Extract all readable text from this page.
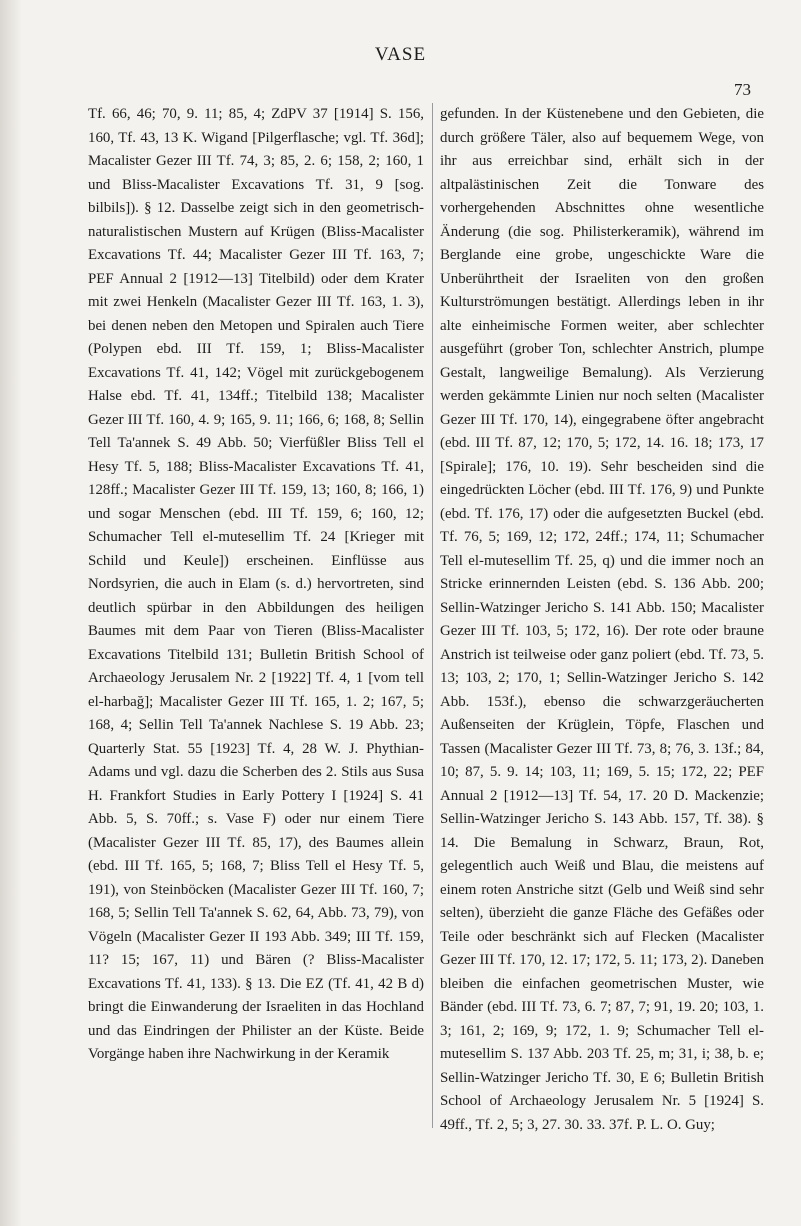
VASE
73

Tf. 66, 46; 70, 9. 11; 85, 4; ZdPV 37 [1914] S. 156, 160, Tf. 43, 13 K. Wigand [Pilgerflasche; vgl. Tf. 36d]; Macalister Gezer III Tf. 74, 3; 85, 2. 6; 158, 2; 160, 1 und Bliss-Macalister Excavations Tf. 31, 9 [sog. bilbils]). § 12. Dasselbe zeigt sich in den geometrisch-naturalistischen Mustern auf Krügen (Bliss-Macalister Excavations Tf. 44; Macalister Gezer III Tf. 163, 7; PEF Annual 2 [1912—13] Titelbild) oder dem Krater mit zwei Henkeln (Macalister Gezer III Tf. 163, 1. 3), bei denen neben den Metopen und Spiralen auch Tiere (Polypen ebd. III Tf. 159, 1; Bliss-Macalister Excavations Tf. 41, 142; Vögel mit zurückgebogenem Halse ebd. Tf. 41, 134ff.; Titelbild 138; Macalister Gezer III Tf. 160, 4. 9; 165, 9. 11; 166, 6; 168, 8; Sellin Tell Ta'annek S. 49 Abb. 50; Vierfüßler Bliss Tell el Hesy Tf. 5, 188; Bliss-Macalister Excavations Tf. 41, 128ff.; Macalister Gezer III Tf. 159, 13; 160, 8; 166, 1) und sogar Menschen (ebd. III Tf. 159, 6; 160, 12; Schumacher Tell el-mutesellim Tf. 24 [Krieger mit Schild und Keule]) erscheinen. Einflüsse aus Nordsyrien, die auch in Elam (s. d.) hervortreten, sind deutlich spürbar in den Abbildungen des heiligen Baumes mit dem Paar von Tieren (Bliss-Macalister Excavations Titelbild 131; Bulletin British School of Archaeology Jerusalem Nr. 2 [1922] Tf. 4, 1 [vom tell el-harbağ]; Macalister Gezer III Tf. 165, 1. 2; 167, 5; 168, 4; Sellin Tell Ta'annek Nachlese S. 19 Abb. 23; Quarterly Stat. 55 [1923] Tf. 4, 28 W. J. Phythian-Adams und vgl. dazu die Scherben des 2. Stils aus Susa H. Frankfort Studies in Early Pottery I [1924] S. 41 Abb. 5, S. 70ff.; s. Vase F) oder nur einem Tiere (Macalister Gezer III Tf. 85, 17), des Baumes allein (ebd. III Tf. 165, 5; 168, 7; Bliss Tell el Hesy Tf. 5, 191), von Steinböcken (Macalister Gezer III Tf. 160, 7; 168, 5; Sellin Tell Ta'annek S. 62, 64, Abb. 73, 79), von Vögeln (Macalister Gezer II 193 Abb. 349; III Tf. 159, 11? 15; 167, 11) und Bären (? Bliss-Macalister Excavations Tf. 41, 133). § 13. Die EZ (Tf. 41, 42 B d) bringt die Einwanderung der Israeliten in das Hochland und das Eindringen der Philister an der Küste. Beide Vorgänge haben ihre Nachwirkung in der Keramik

gefunden. In der Küstenebene und den Gebieten, die durch größere Täler, also auf bequemem Wege, von ihr aus erreichbar sind, erhält sich in der altpalästinischen Zeit die Tonware des vorhergehenden Abschnittes ohne wesentliche Änderung (die sog. Philisterkeramik), während im Berglande eine grobe, ungeschickte Ware die Unberührtheit der Israeliten von den großen Kulturströmungen bestätigt. Allerdings leben in ihr alte einheimische Formen weiter, aber schlechter ausgeführt (grober Ton, schlechter Anstrich, plumpe Gestalt, langweilige Bemalung). Als Verzierung werden gekämmte Linien nur noch selten (Macalister Gezer III Tf. 170, 14), eingegrabene öfter angebracht (ebd. III Tf. 87, 12; 170, 5; 172, 14. 16. 18; 173, 17 [Spirale]; 176, 10. 19). Sehr bescheiden sind die eingedrückten Löcher (ebd. III Tf. 176, 9) und Punkte (ebd. Tf. 176, 17) oder die aufgesetzten Buckel (ebd. Tf. 76, 5; 169, 12; 172, 24ff.; 174, 11; Schumacher Tell el-mutesellim Tf. 25, q) und die immer noch an Stricke erinnernden Leisten (ebd. S. 136 Abb. 200; Sellin-Watzinger Jericho S. 141 Abb. 150; Macalister Gezer III Tf. 103, 5; 172, 16). Der rote oder braune Anstrich ist teilweise oder ganz poliert (ebd. Tf. 73, 5. 13; 103, 2; 170, 1; Sellin-Watzinger Jericho S. 142 Abb. 153f.), ebenso die schwarzgeräucherten Außenseiten der Krüglein, Töpfe, Flaschen und Tassen (Macalister Gezer III Tf. 73, 8; 76, 3. 13f.; 84, 10; 87, 5. 9. 14; 103, 11; 169, 5. 15; 172, 22; PEF Annual 2 [1912—13] Tf. 54, 17. 20 D. Mackenzie; Sellin-Watzinger Jericho S. 143 Abb. 157, Tf. 38). § 14. Die Bemalung in Schwarz, Braun, Rot, gelegentlich auch Weiß und Blau, die meistens auf einem roten Anstriche sitzt (Gelb und Weiß sind sehr selten), überzieht die ganze Fläche des Gefäßes oder Teile oder beschränkt sich auf Flecken (Macalister Gezer III Tf. 170, 12. 17; 172, 5. 11; 173, 2). Daneben bleiben die einfachen geometrischen Muster, wie Bänder (ebd. III Tf. 73, 6. 7; 87, 7; 91, 19. 20; 103, 1. 3; 161, 2; 169, 9; 172, 1. 9; Schumacher Tell el-mutesellim S. 137 Abb. 203 Tf. 25, m; 31, i; 38, b. e; Sellin-Watzinger Jericho Tf. 30, E 6; Bulletin British School of Archaeology Jerusalem Nr. 5 [1924] S. 49ff., Tf. 2, 5; 3, 27. 30. 33. 37f. P. L. O. Guy;
